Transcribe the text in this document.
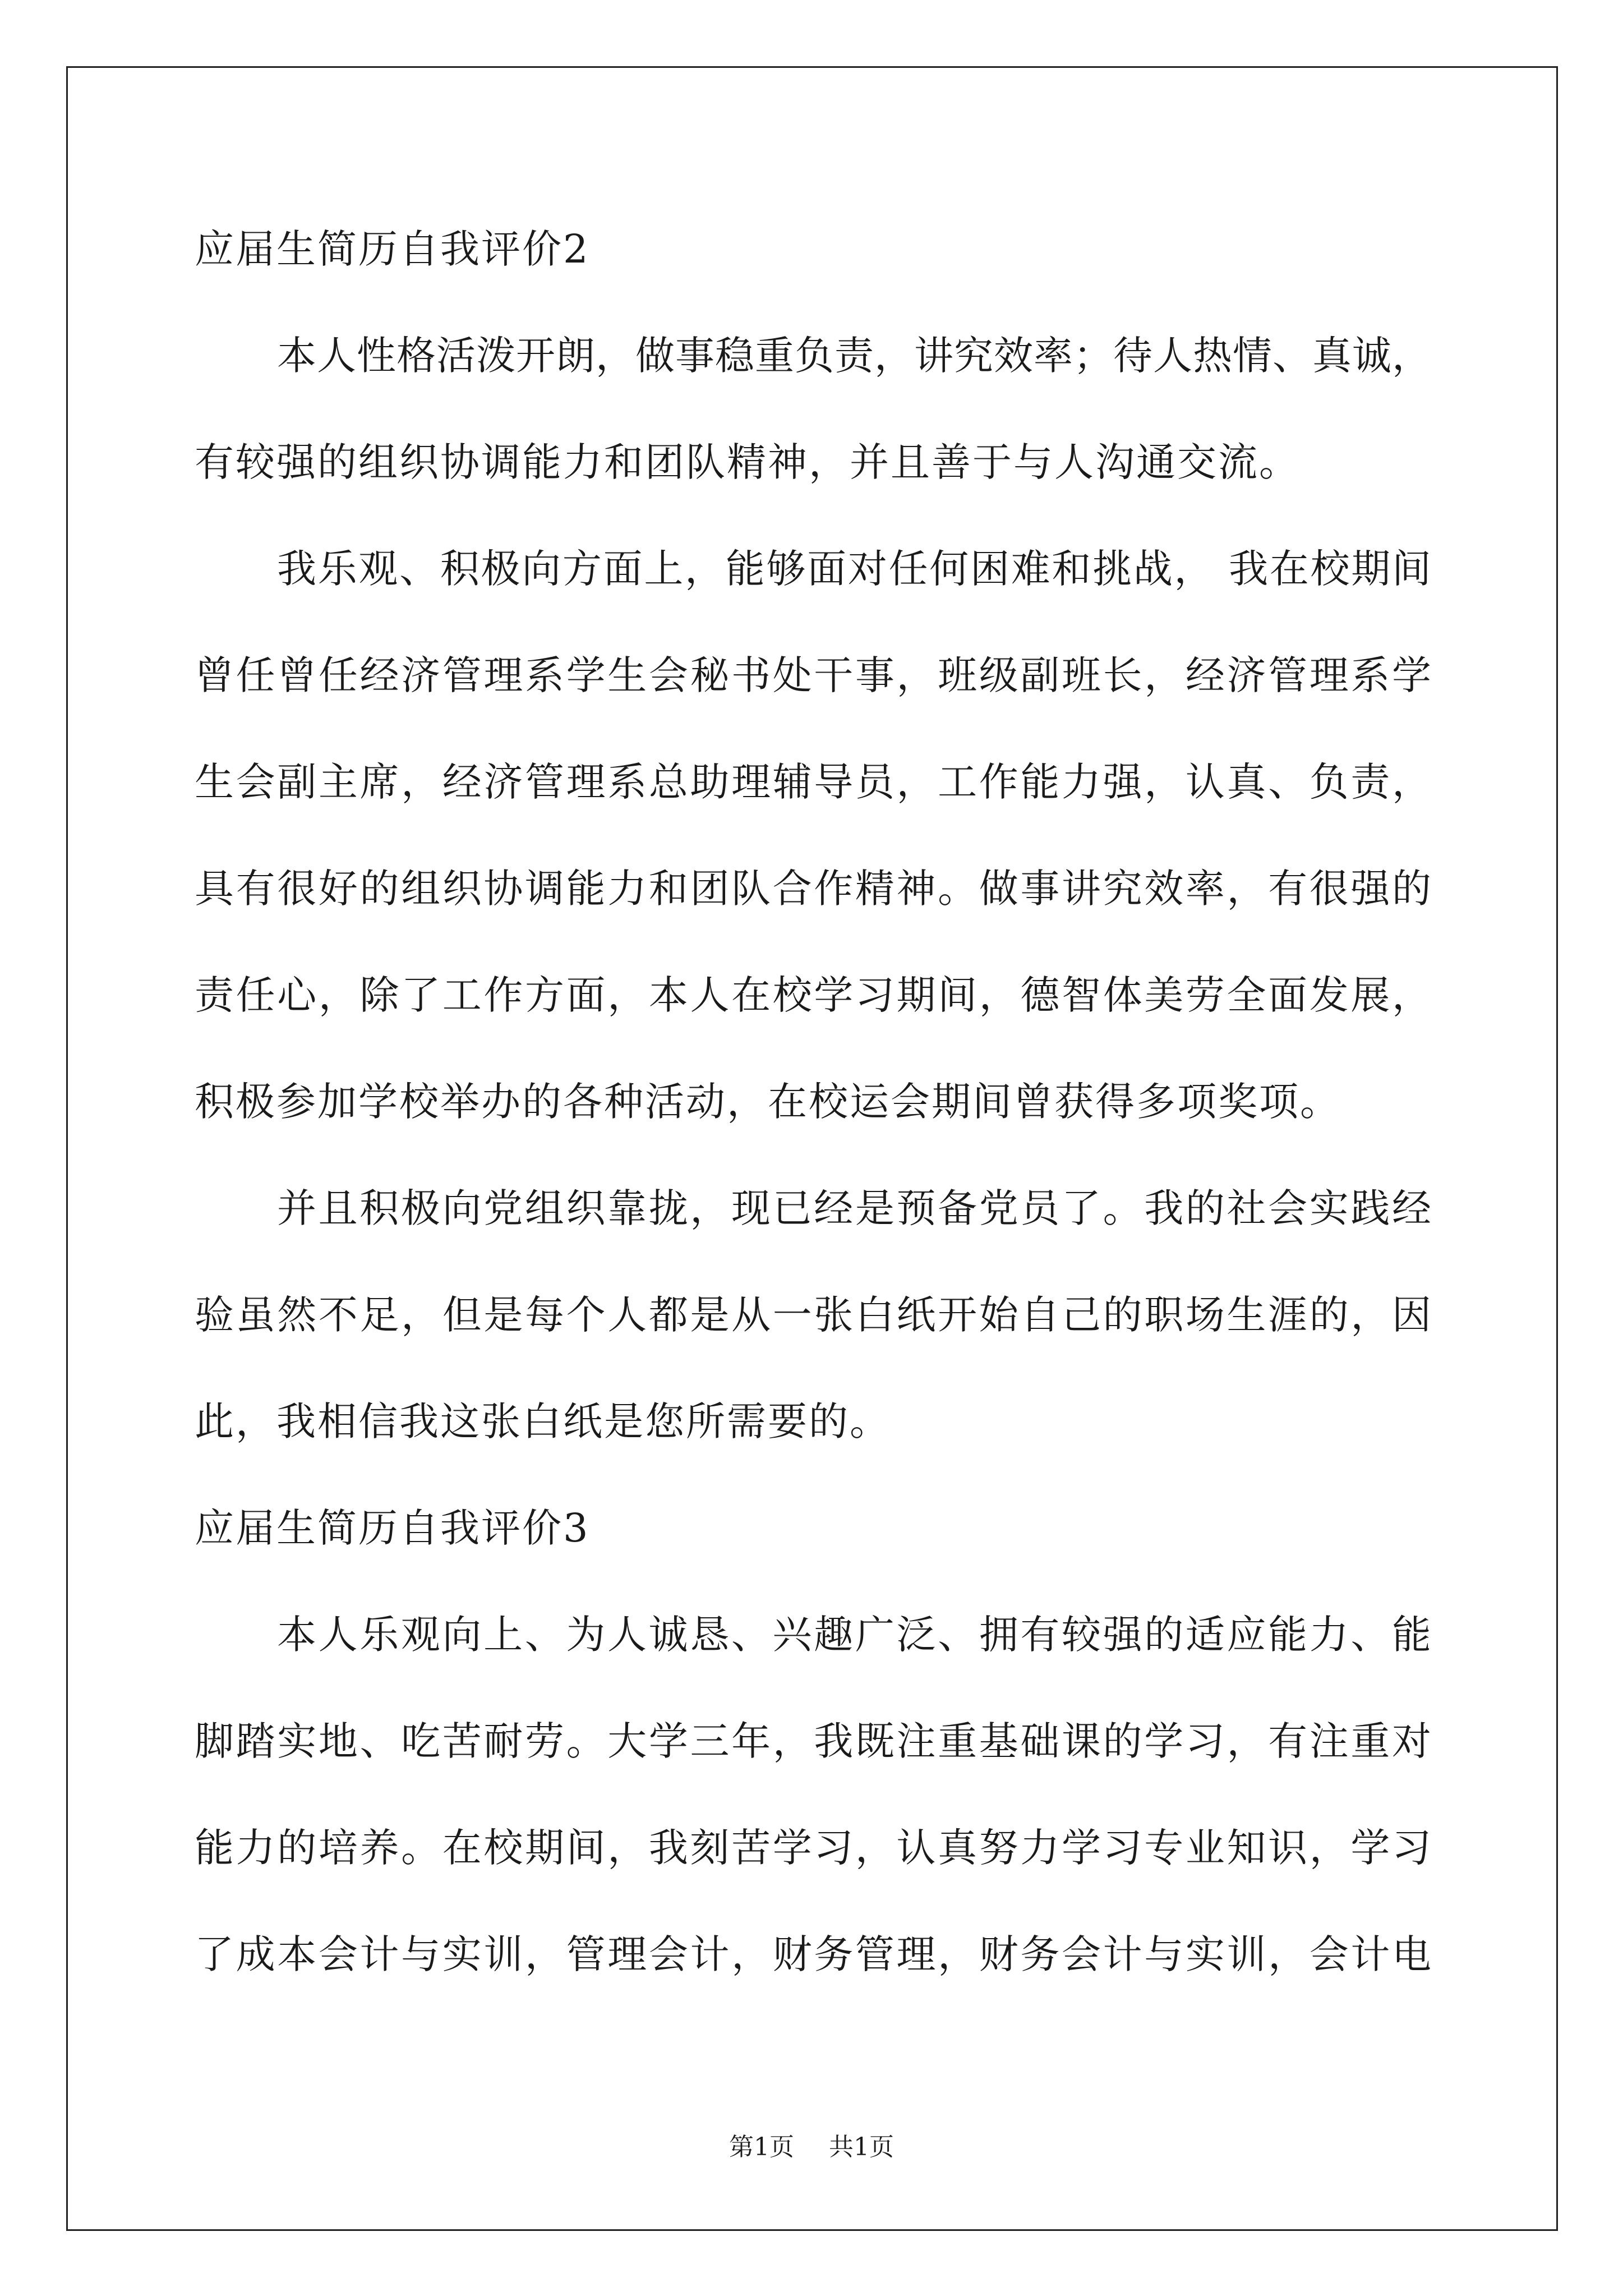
应届生简历自我评价2
本人性格活泼开朗，做事稳重负责，讲究效率；待人热情、真诚，
有较强的组织协调能力和团队精神，并且善于与人沟通交流。
我乐观、积极向方面上，能够面对任何困难和挑战， 我在校期间
曾任曾任经济管理系学生会秘书处干事，班级副班长，经济管理系学
生会副主席，经济管理系总助理辅导员，工作能力强，认真、负责，
具有很好的组织协调能力和团队合作精神。做事讲究效率，有很强的
责任心，除了工作方面，本人在校学习期间，德智体美劳全面发展，
积极参加学校举办的各种活动，在校运会期间曾获得多项奖项。
并且积极向党组织靠拢，现已经是预备党员了。我的社会实践经
验虽然不足，但是每个人都是从一张白纸开始自己的职场生涯的，因
此，我相信我这张白纸是您所需要的。
应届生简历自我评价3
本人乐观向上、为人诚恳、兴趣广泛、拥有较强的适应能力、能
脚踏实地、吃苦耐劳。大学三年，我既注重基础课的学习，有注重对
能力的培养。在校期间，我刻苦学习，认真努力学习专业知识，学习
了成本会计与实训，管理会计，财务管理，财务会计与实训，会计电
第1页 共1页
